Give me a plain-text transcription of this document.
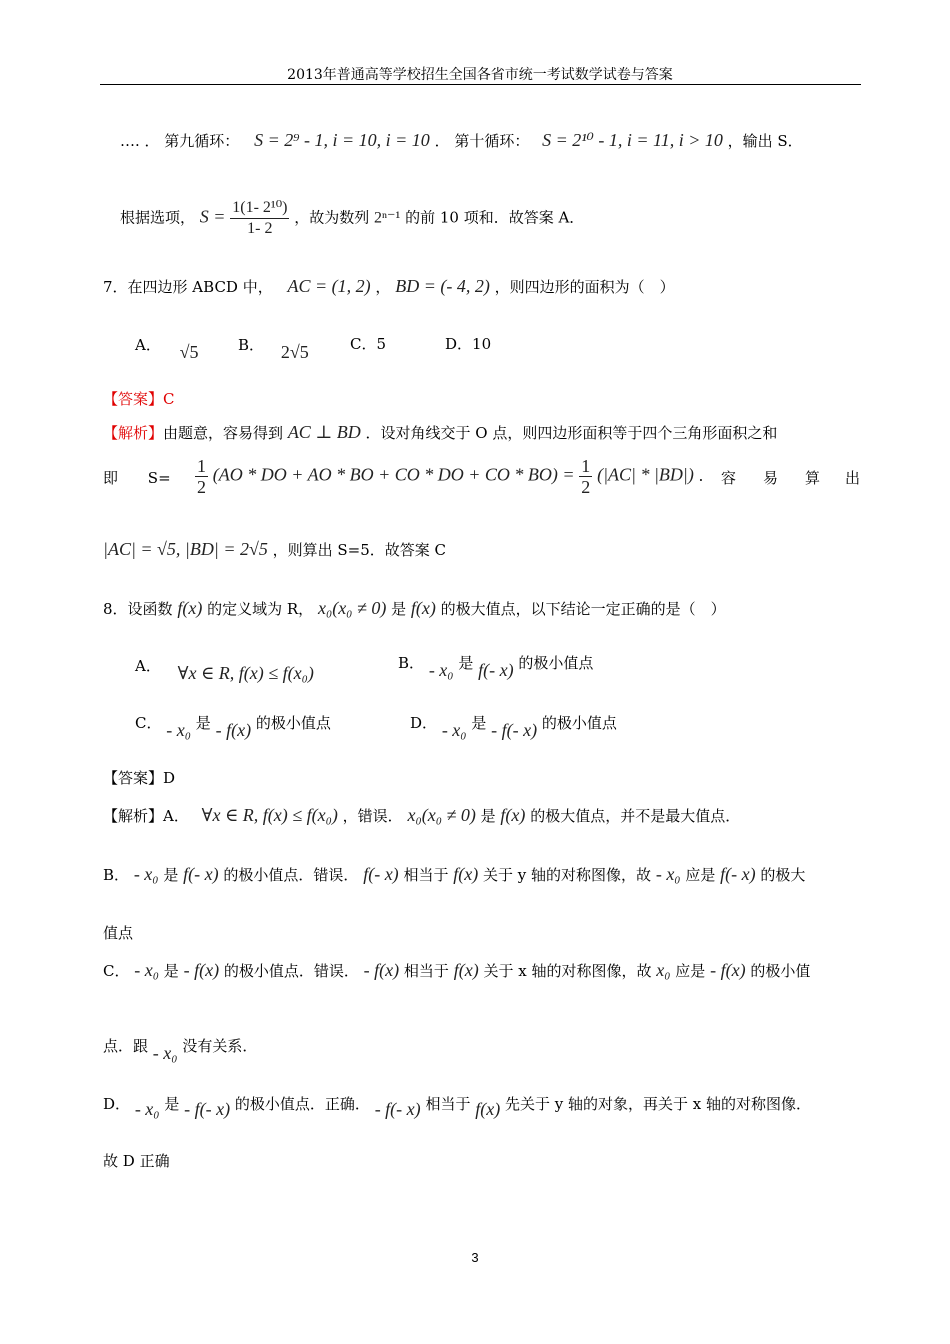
2013年普通高等学校招生全国各省市统一考试数学试卷与答案
…. ． 第九循环： S = 2⁹ - 1, i = 10, i = 10 ． 第十循环： S = 2¹⁰ - 1, i = 11, i > 10 ，输出 S．
根据选项， $S = \frac{\text{1(1- 2¹⁰)}}{1- 2}$ ，故为数列 2ⁿ⁻¹ 的前 10 项和．故答案 A．
7．在四边形 ABCD 中， AC = (1, 2) ， BD = (- 4, 2) ，则四边形的面积为（　）
A． √5	B． 2√5	C．5	D．10
【答案】C
【解析】由题意，容易得到 AC ⊥ BD ．设对角线交于 O 点，则四边形面积等于四个三角形面积之和
即 $S= \frac{1}{2} (AO$ * DO + AO * BO + CO * DO + CO * $BO) = \frac{1}{2} (|AC| * |BD|)$ ． 容 易 算 出
|AC| = √5, |BD| = 2√5 ，则算出 S=5．故答案 C
8．设函数 f(x) 的定义域为 R， x₀(x₀ ≠ 0) 是 f(x) 的极大值点，以下结论一定正确的是（　）
A． ∀x ∈ R, f(x) ≤ f(x₀)	B． - x₀ 是 f(- x) 的极小值点
C． - x₀ 是 - f(x) 的极小值点	D． - x₀ 是 - f(- x) 的极小值点
【答案】D
【解析】A． ∀x ∈ R, f(x) ≤ f(x₀) ，错误． x₀(x₀ ≠ 0) 是 f(x) 的极大值点，并不是最大值点．
B． - x₀ 是 f(- x) 的极小值点．错误． f(- x) 相当于 f(x) 关于 y 轴的对称图像，故 - x₀ 应是 f(- x) 的极大
值点
C． - x₀ 是 - f(x) 的极小值点．错误． - f(x) 相当于 f(x) 关于 x 轴的对称图像，故 x₀ 应是 - f(x) 的极小值
点．跟 - x₀ 没有关系．
D． - x₀ 是 - f(- x) 的极小值点．正确． - f(- x) 相当于 f(x) 先关于 y 轴的对象，再关于 x 轴的对称图像．
故 D 正确
3
